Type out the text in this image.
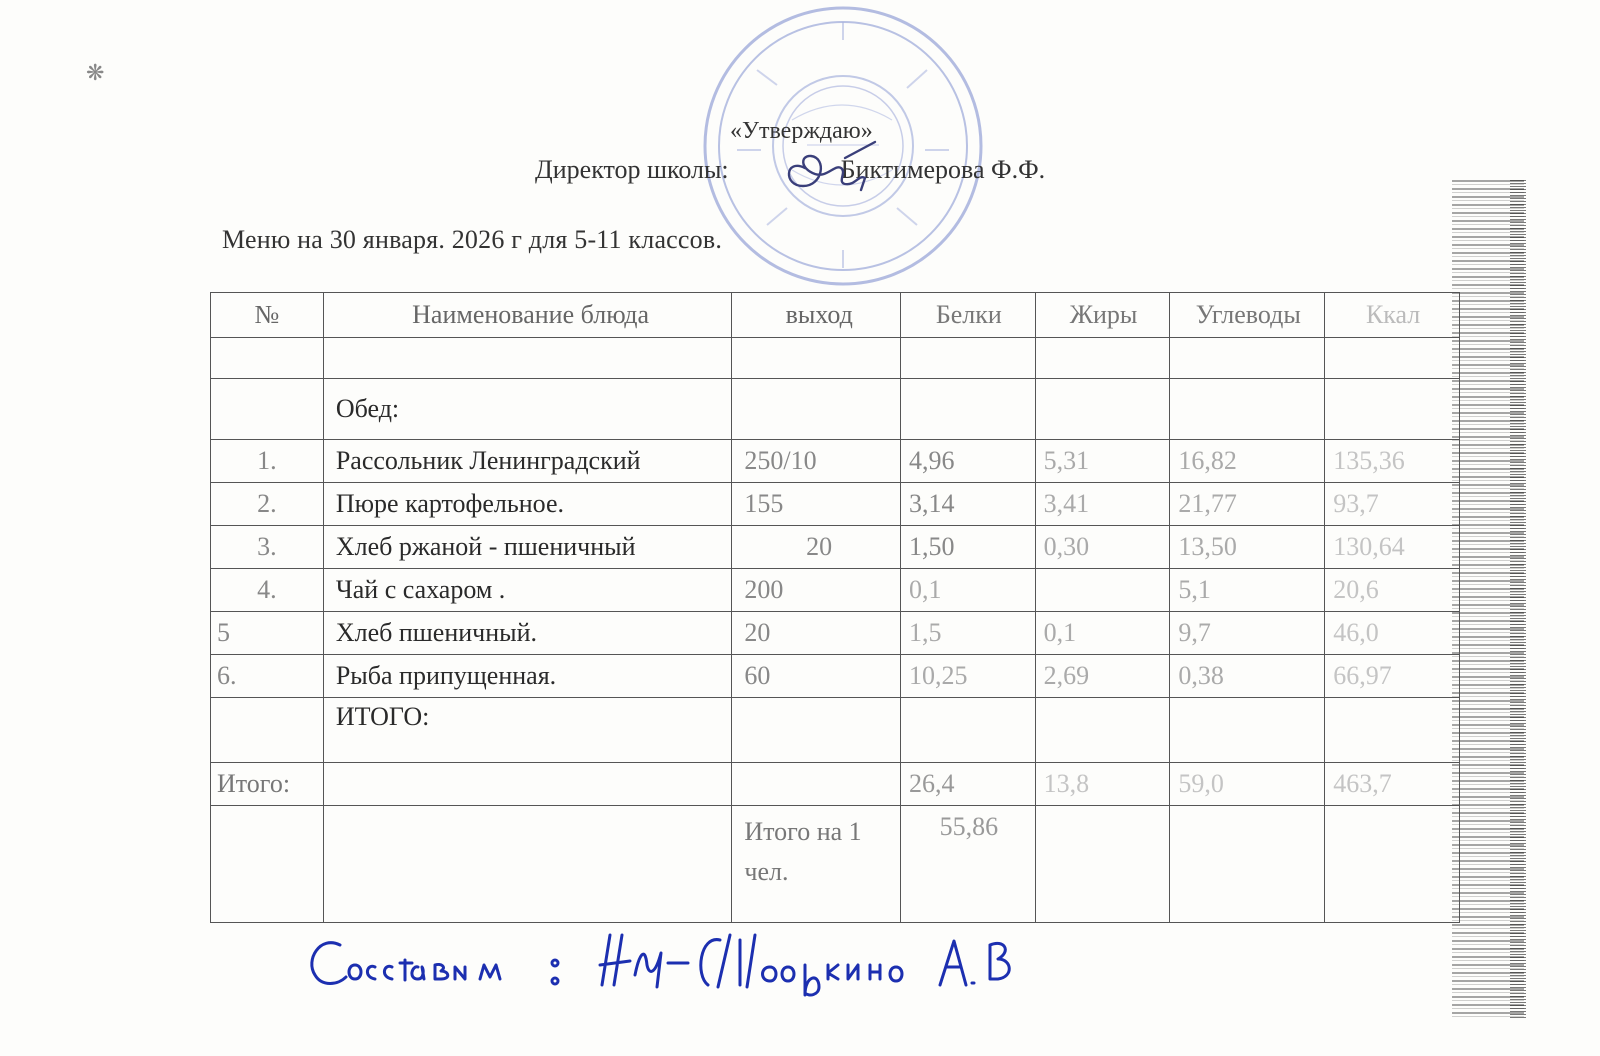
❋
«Утверждаю»
Директор школы:	Биктимерова Ф.Ф.
Меню на 30 января. 2026 г для 5-11 классов.
№	Наименование блюда	выход	Белки	Жиры	Углеводы	Ккал

	Обед:					
1.	Рассольник Ленинградский	250/10	4,96	5,31	16,82	135,36
2.	Пюре картофельное.	155	3,14	3,41	21,77	93,7
3.	Хлеб ржаной - пшеничный	20	1,50	0,30	13,50	130,64
4.	Чай с сахаром .	200	0,1		5,1	20,6
5	Хлеб пшеничный.	20	1,5	0,1	9,7	46,0
6.	Рыба припущенная.	60	10,25	2,69	0,38	66,97
	ИТОГО:					
Итого:			26,4	13,8	59,0	463,7
		Итого на 1 чел.	55,86			
